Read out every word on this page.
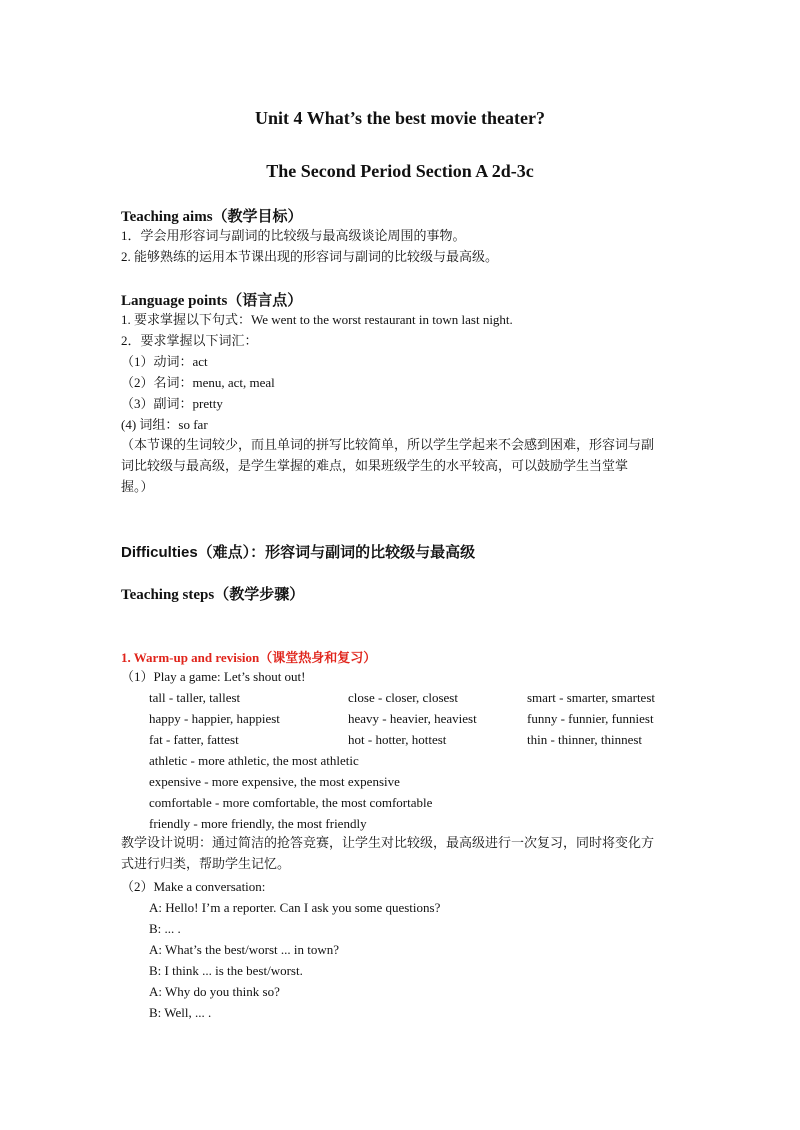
Unit 4 What’s the best movie theater?
The Second Period Section A 2d-3c
Teaching aims（教学目标）
1．学会用形容词与副词的比较级与最高级谈论周围的事物。
2. 能够熟练的运用本节课出现的形容词与副词的比较级与最高级。
Language points（语言点）
1. 要求掌握以下句式：We went to the worst restaurant in town last night.
2．要求掌握以下词汇：
（1）动词：act
（2）名词：menu, act, meal
（3）副词：pretty
(4) 词组：so far
（本节课的生词较少，而且单词的拼写比较简单，所以学生学起来不会感到困难，形容词与副
词比较级与最高级，是学生掌握的难点，如果班级学生的水平较高，可以鼓励学生当堂掌
握。）
Difficulties（难点）：形容词与副词的比较级与最高级
Teaching steps（教学步骤）
1. Warm-up and revision（课堂热身和复习）
（1）Play a game: Let’s shout out!
tall - taller, tallest	close - closer, closest	smart - smarter, smartest
happy - happier, happiest	heavy - heavier, heaviest	funny - funnier, funniest
fat - fatter, fattest	hot - hotter, hottest	thin - thinner, thinnest
athletic - more athletic, the most athletic
expensive - more expensive, the most expensive
comfortable - more comfortable, the most comfortable
friendly - more friendly, the most friendly
教学设计说明：通过简洁的抢答竞赛，让学生对比较级，最高级进行一次复习，同时将变化方
式进行归类，帮助学生记忆。
（2）Make a conversation:
A: Hello! I’m a reporter. Can I ask you some questions?
B: ... .
A: What’s the best/worst ... in town?
B: I think ... is the best/worst.
A: Why do you think so?
B: Well, ... .
